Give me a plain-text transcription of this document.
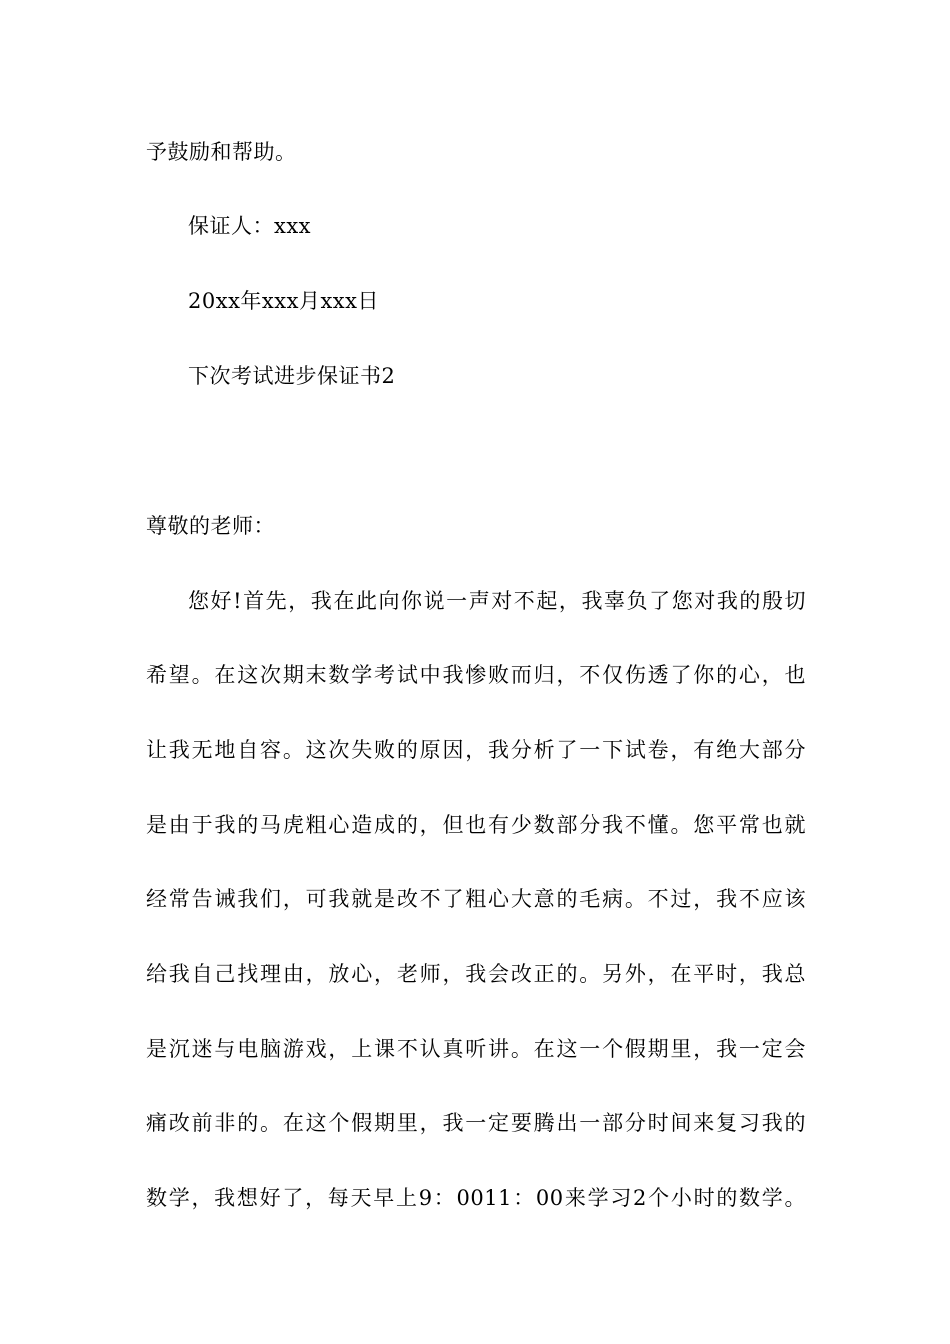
予鼓励和帮助。
保证人：xxx
20xx年xxx月xxx日
下次考试进步保证书2
尊敬的老师：
您好!首先，我在此向你说一声对不起，我辜负了您对我的殷切
希望。在这次期末数学考试中我惨败而归，不仅伤透了你的心，也
让我无地自容。这次失败的原因，我分析了一下试卷，有绝大部分
是由于我的马虎粗心造成的，但也有少数部分我不懂。您平常也就
经常告诫我们，可我就是改不了粗心大意的毛病。不过，我不应该
给我自己找理由，放心，老师，我会改正的。另外，在平时，我总
是沉迷与电脑游戏，上课不认真听讲。在这一个假期里，我一定会
痛改前非的。在这个假期里，我一定要腾出一部分时间来复习我的
数学，我想好了，每天早上9：0011：00来学习2个小时的数学。
